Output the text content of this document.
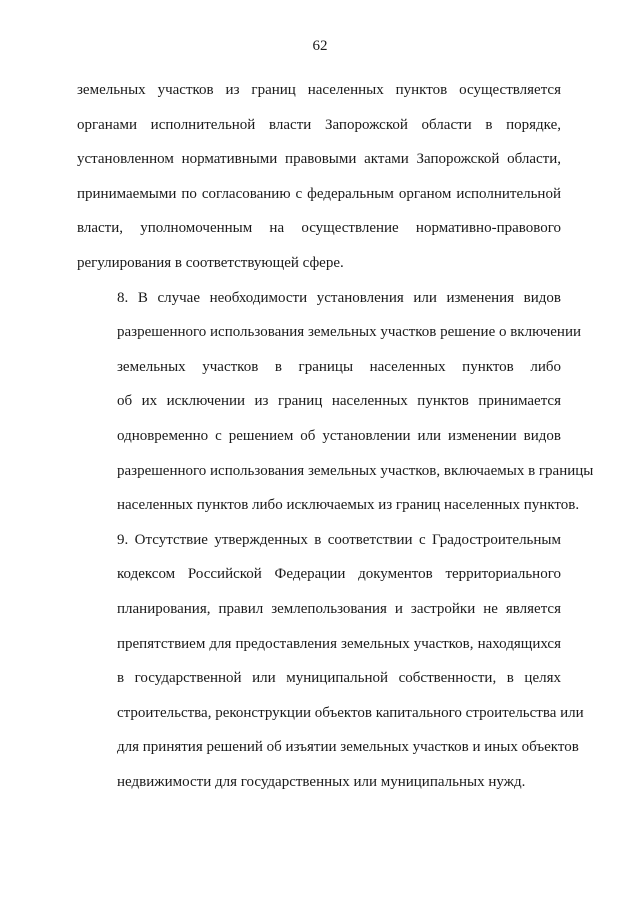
62
земельных участков из границ населенных пунктов осуществляется
органами исполнительной власти Запорожской области в порядке,
установленном нормативными правовыми актами Запорожской области,
принимаемыми по согласованию с федеральным органом исполнительной
власти, уполномоченным на осуществление нормативно-правового
регулирования в соответствующей сфере.
8. В случае необходимости установления или изменения видов
разрешенного использования земельных участков решение о включении
земельных участков в границы населенных пунктов либо
об их исключении из границ населенных пунктов принимается
одновременно с решением об установлении или изменении видов
разрешенного использования земельных участков, включаемых в границы
населенных пунктов либо исключаемых из границ населенных пунктов.
9. Отсутствие утвержденных в соответствии с Градостроительным
кодексом Российской Федерации документов территориального
планирования, правил землепользования и застройки не является
препятствием для предоставления земельных участков, находящихся
в государственной или муниципальной собственности, в целях
строительства, реконструкции объектов капитального строительства или
для принятия решений об изъятии земельных участков и иных объектов
недвижимости для государственных или муниципальных нужд.
